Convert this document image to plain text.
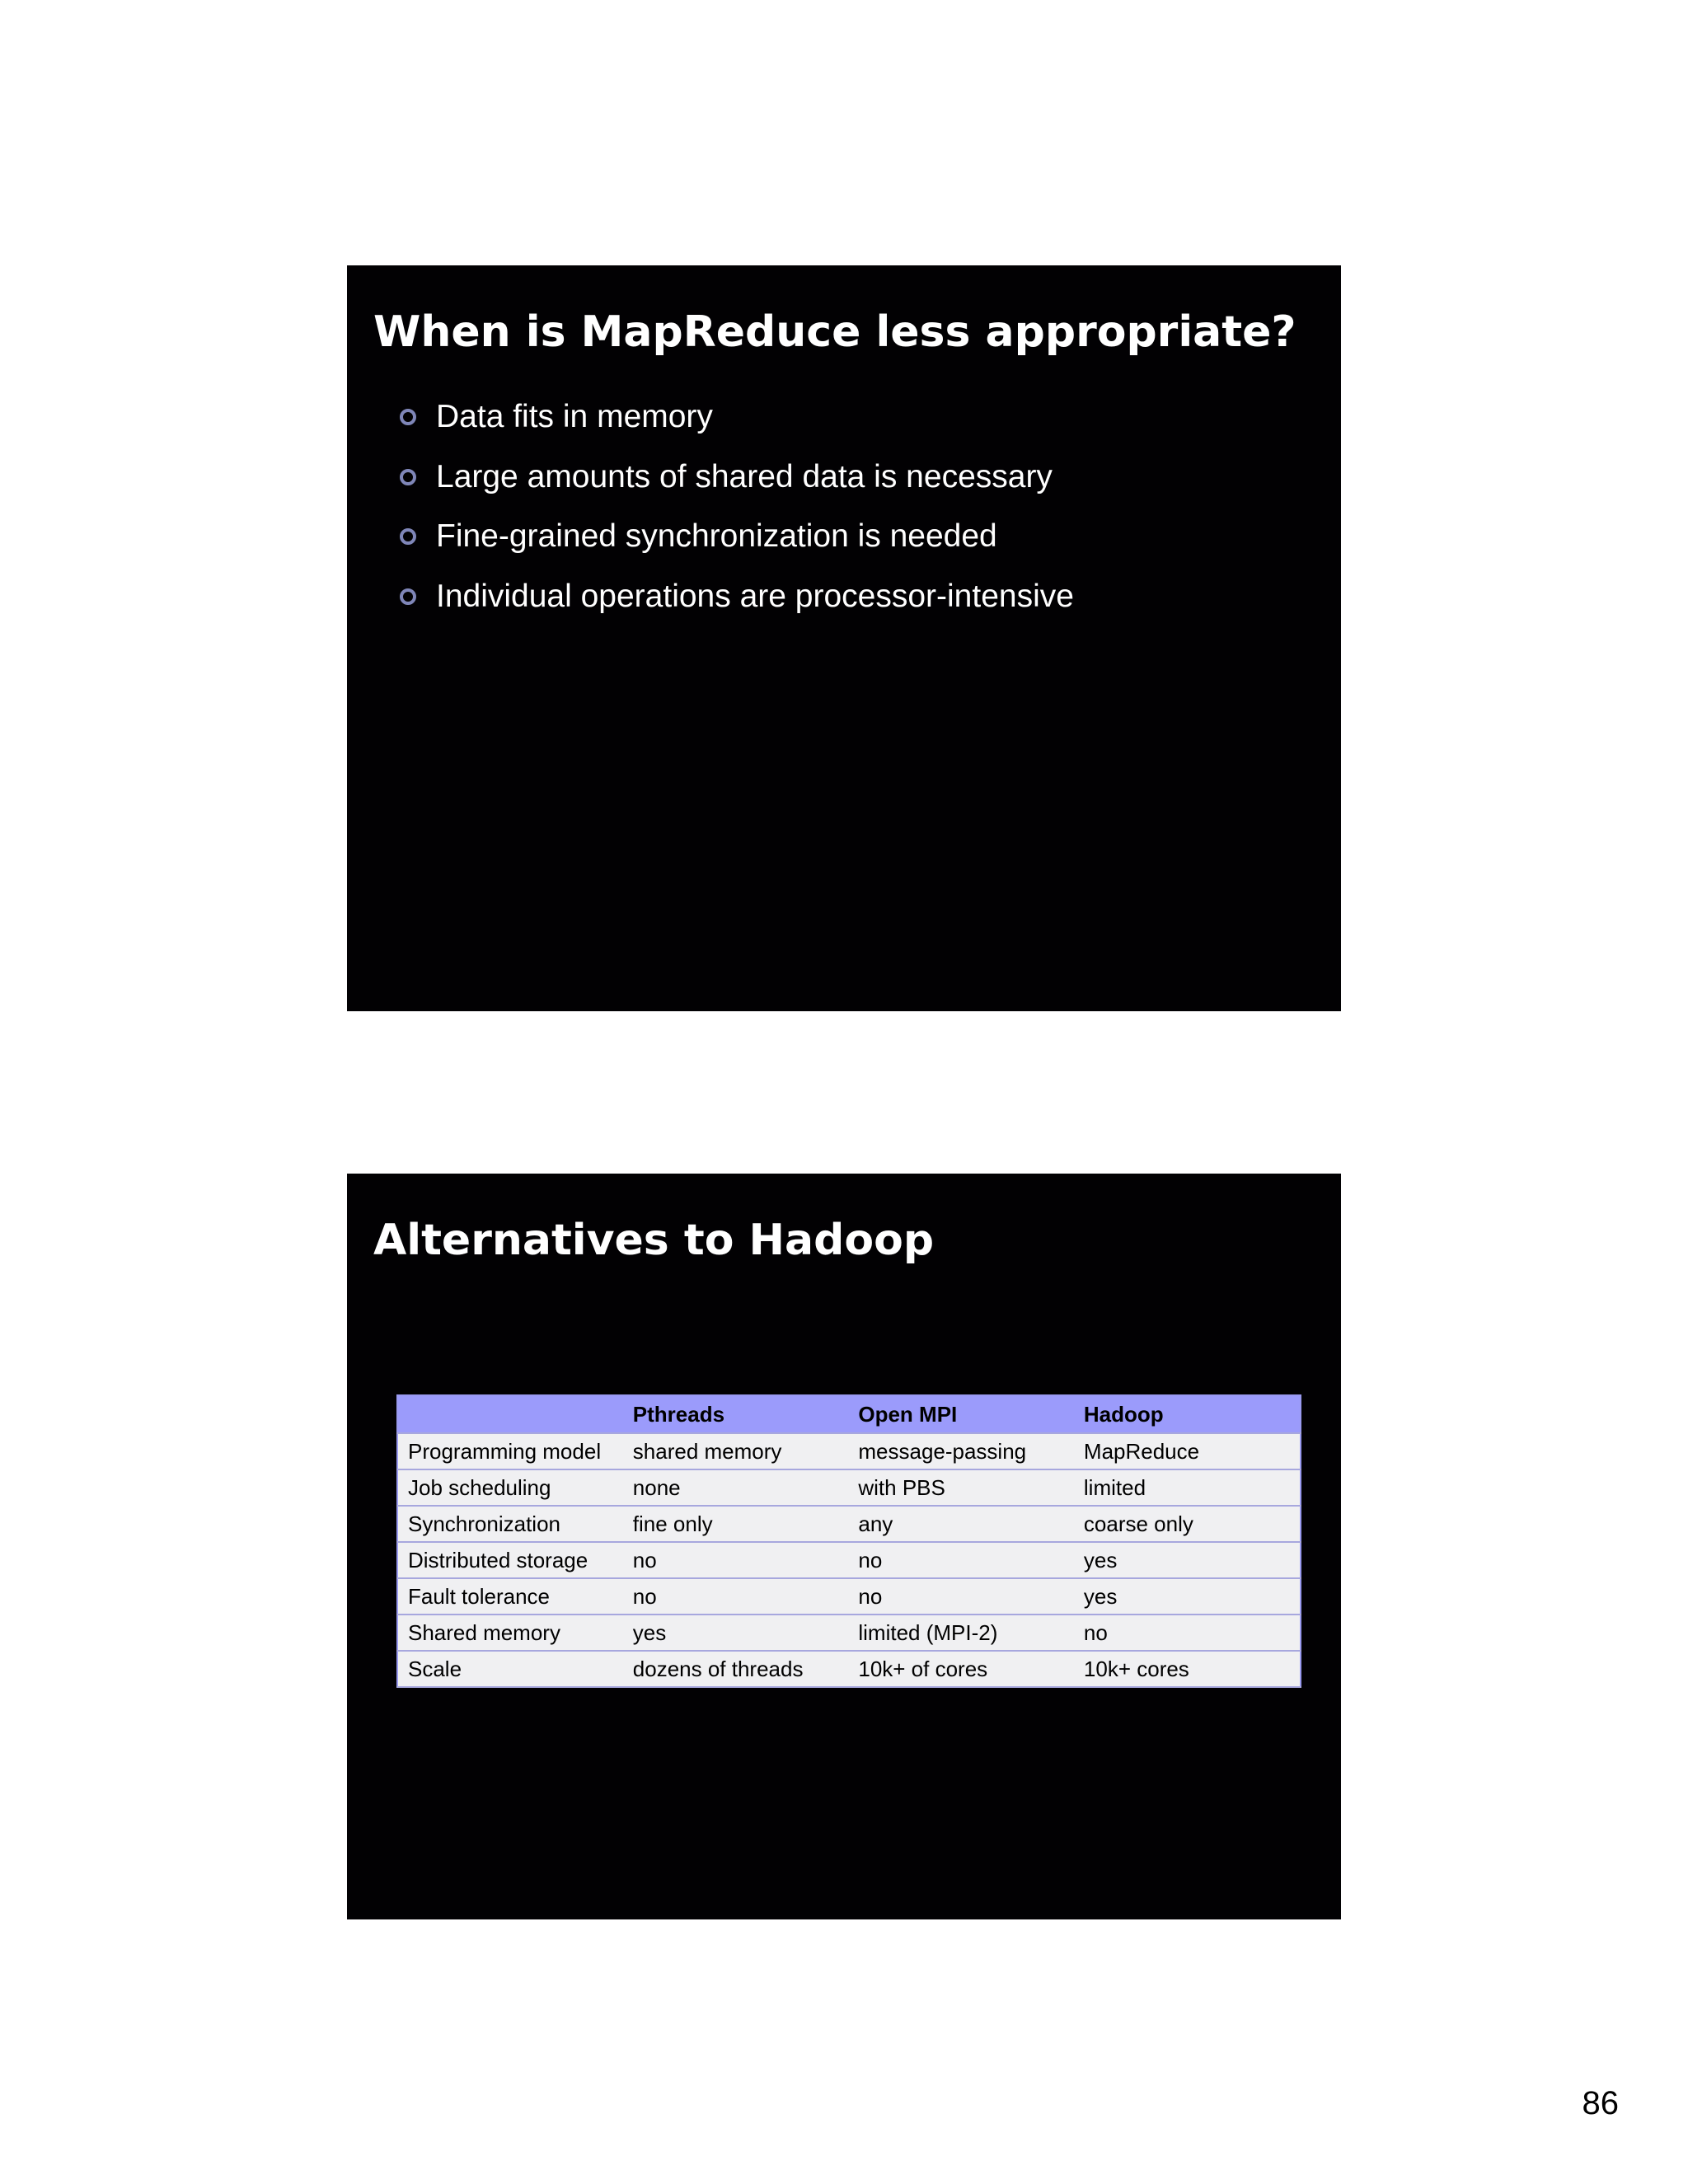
When is MapReduce less appropriate?
Data fits in memory
Large amounts of shared data is necessary
Fine-grained synchronization is needed
Individual operations are processor-intensive
Alternatives to Hadoop
	Pthreads	Open MPI	Hadoop
Programming model	shared memory	message-passing	MapReduce
Job scheduling	none	with PBS	limited
Synchronization	fine only	any	coarse only
Distributed storage	no	no	yes
Fault tolerance	no	no	yes
Shared memory	yes	limited (MPI-2)	no
Scale	dozens of threads	10k+ of cores	10k+ cores
86
